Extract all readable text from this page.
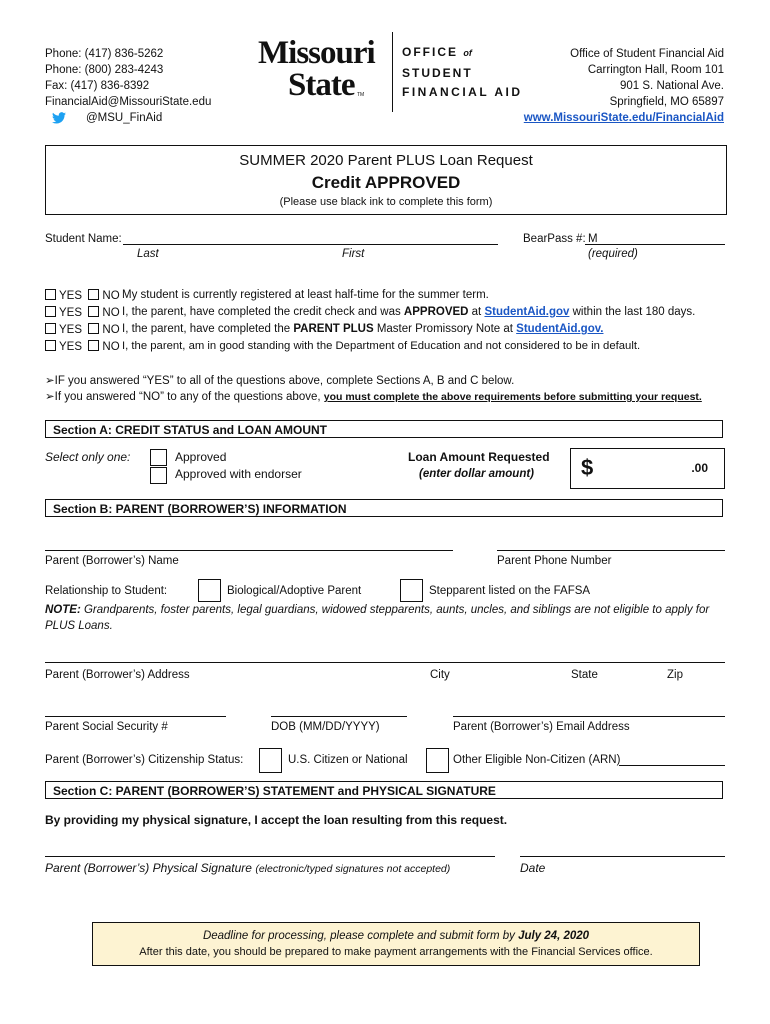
Phone: (417) 836-5262
Phone: (800) 283-4243
Fax: (417) 836-8392
FinancialAid@MissouriState.edu
@MSU_FinAid
Missouri
State TM
OFFICE of
STUDENT
FINANCIAL AID
Office of Student Financial Aid
Carrington Hall, Room 101
901 S. National Ave.
Springfield, MO 65897
www.MissouriState.edu/FinancialAid
SUMMER 2020 Parent PLUS Loan Request
Credit APPROVED
(Please use black ink to complete this form)
Student Name:
Last	First
BearPass #: M
(required)
YES NO My student is currently registered at least half-time for the summer term.
YES NO I, the parent, have completed the credit check and was APPROVED at StudentAid.gov within the last 180 days.
YES NO I, the parent, have completed the PARENT PLUS Master Promissory Note at StudentAid.gov.
YES NO I, the parent, am in good standing with the Department of Education and not considered to be in default.
➢IF you answered “YES” to all of the questions above, complete Sections A, B and C below.
➢If you answered “NO” to any of the questions above, you must complete the above requirements before submitting your request.
Section A: CREDIT STATUS and LOAN AMOUNT
Select only one:	Approved
Approved with endorser
Loan Amount Requested
(enter dollar amount) $	.00
Section B: PARENT (BORROWER’S) INFORMATION
Parent (Borrower’s) Name	Parent Phone Number
Relationship to Student:	Biological/Adoptive Parent	Stepparent listed on the FAFSA
NOTE: Grandparents, foster parents, legal guardians, widowed stepparents, aunts, uncles, and siblings are not eligible to apply for PLUS Loans.
Parent (Borrower’s) Address	City	State	Zip
Parent Social Security #	DOB (MM/DD/YYYY)	Parent (Borrower’s) Email Address
Parent (Borrower’s) Citizenship Status:	U.S. Citizen or National	Other Eligible Non-Citizen (ARN)
Section C: PARENT (BORROWER’S) STATEMENT and PHYSICAL SIGNATURE
By providing my physical signature, I accept the loan resulting from this request.
Parent (Borrower’s) Physical Signature (electronic/typed signatures not accepted)	Date
Deadline for processing, please complete and submit form by July 24, 2020
After this date, you should be prepared to make payment arrangements with the Financial Services office.
